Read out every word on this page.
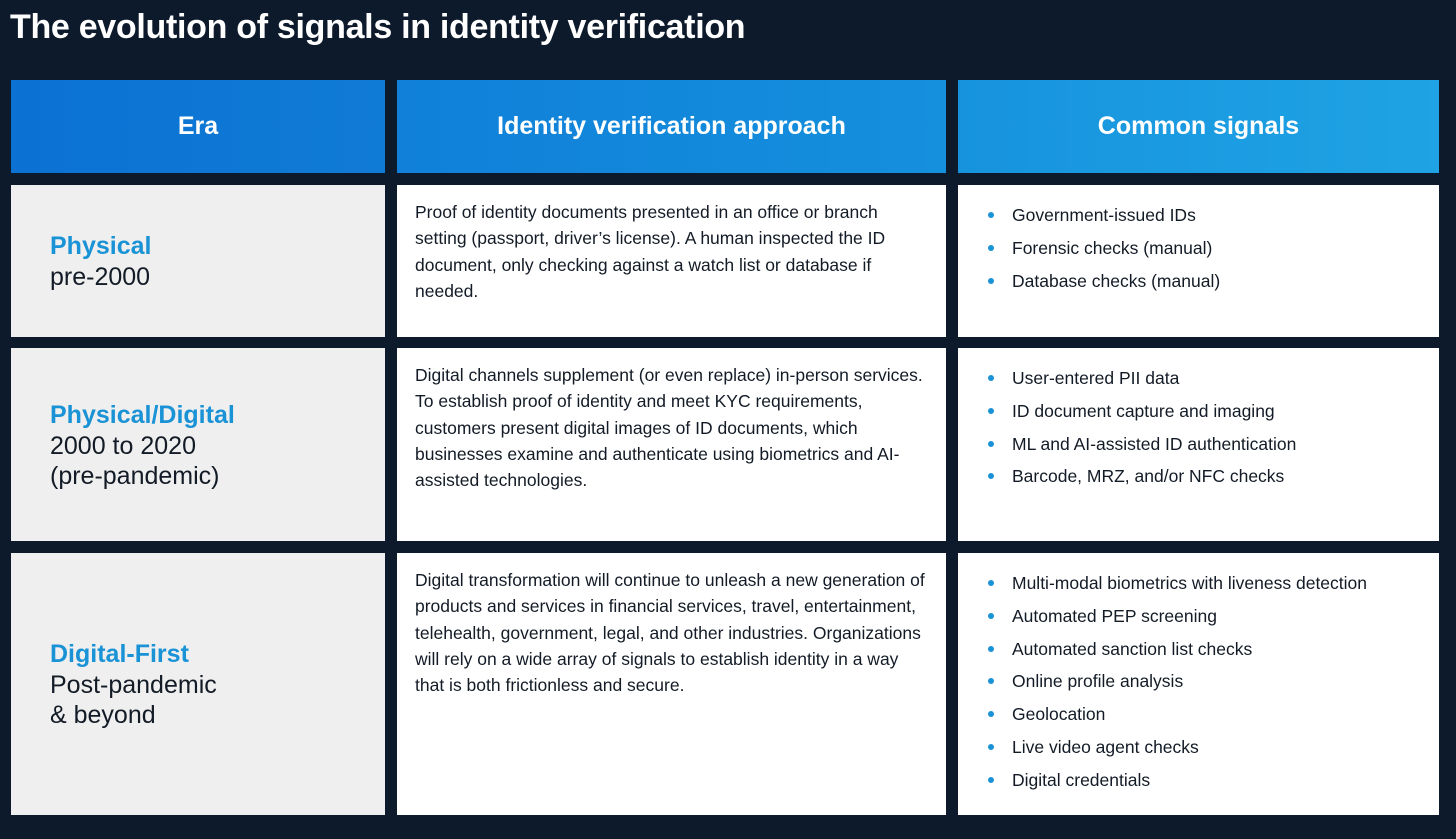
The evolution of signals in identity verification
Era	Identity verification approach	Common signals
Physical
pre-2000
Proof of identity documents presented in an office or branch setting (passport, driver’s license). A human inspected the ID document, only checking against a watch list or database if needed.
Government-issued IDs
Forensic checks (manual)
Database checks (manual)
Physical/Digital
2000 to 2020
(pre-pandemic)
Digital channels supplement (or even replace) in-person services. To establish proof of identity and meet KYC requirements, customers present digital images of ID documents, which businesses examine and authenticate using biometrics and AI-assisted technologies.
User-entered PII data
ID document capture and imaging
ML and AI-assisted ID authentication
Barcode, MRZ, and/or NFC checks
Digital-First
Post-pandemic
& beyond
Digital transformation will continue to unleash a new generation of products and services in financial services, travel, entertainment, telehealth, government, legal, and other industries. Organizations will rely on a wide array of signals to establish identity in a way that is both frictionless and secure.
Multi-modal biometrics with liveness detection
Automated PEP screening
Automated sanction list checks
Online profile analysis
Geolocation
Live video agent checks
Digital credentials
